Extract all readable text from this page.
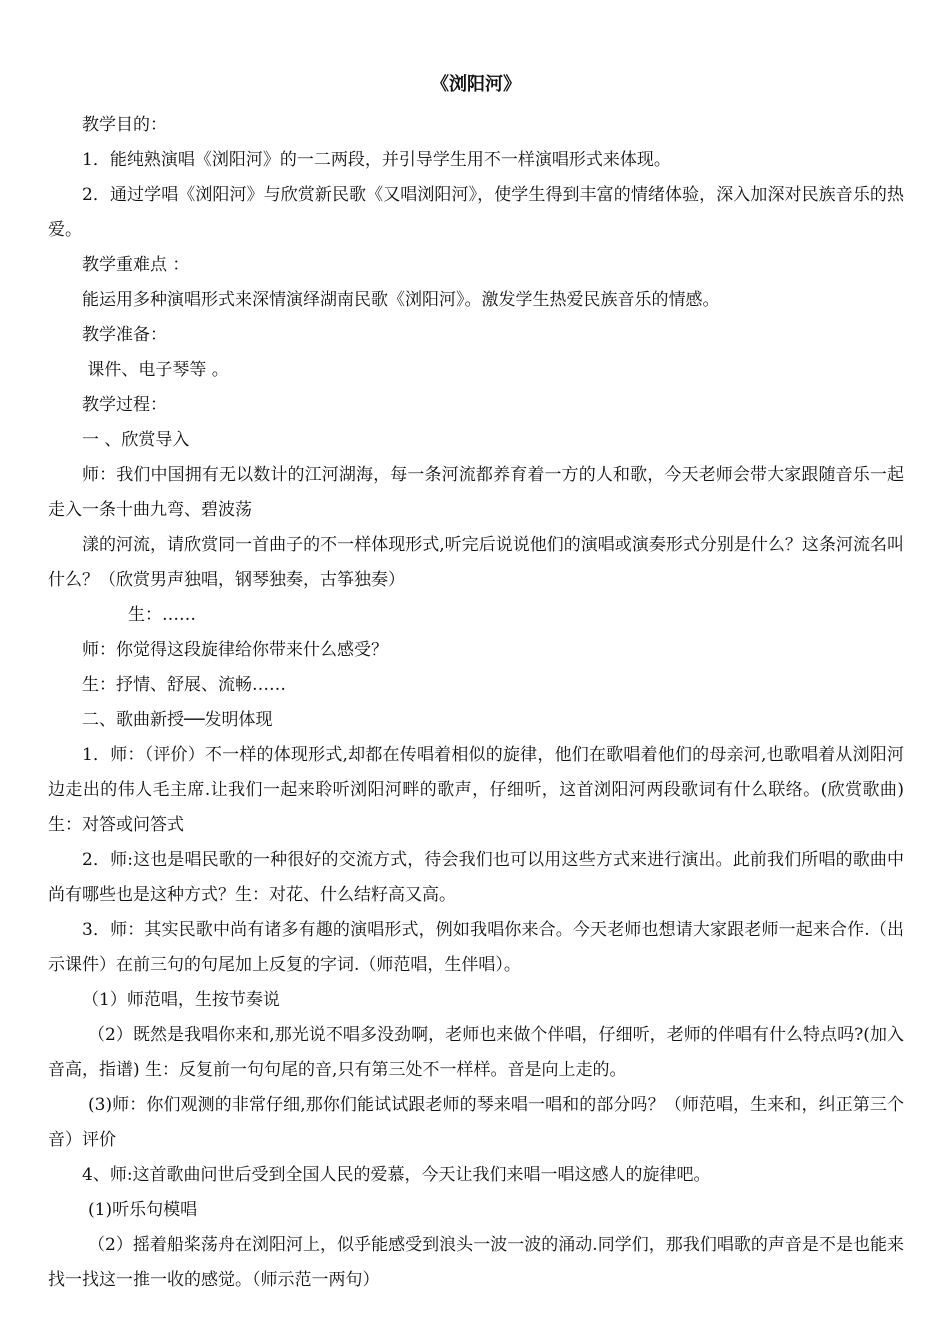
《浏阳河》

教学目的：

1．能纯熟演唱《浏阳河》的一二两段，并引导学生用不一样演唱形式来体现。

2．通过学唱《浏阳河》与欣赏新民歌《又唱浏阳河》，使学生得到丰富的情绪体验，深入加深对民族音乐的热爱。

教学重难点 ：

能运用多种演唱形式来深情演绎湖南民歌《浏阳河》。激发学生热爱民族音乐的情感。

教学准备：

课件、电子琴等 。

教学过程：

一 、欣赏导入

师：我们中国拥有无以数计的江河湖海，每一条河流都养育着一方的人和歌，今天老师会带大家跟随音乐一起走入一条十曲九弯、碧波荡

漾的河流，请欣赏同一首曲子的不一样体现形式,听完后说说他们的演唱或演奏形式分别是什么？这条河流名叫什么？（欣赏男声独唱，钢琴独奏，古筝独奏）

生：……

师：你觉得这段旋律给你带来什么感受？

生：抒情、舒展、流畅……

二、歌曲新授──发明体现

1．师：（评价）不一样的体现形式,却都在传唱着相似的旋律，他们在歌唱着他们的母亲河,也歌唱着从浏阳河边走出的伟人毛主席.让我们一起来聆听浏阳河畔的歌声，仔细听，这首浏阳河两段歌词有什么联络。(欣赏歌曲)生：对答或问答式

2．师:这也是唱民歌的一种很好的交流方式，待会我们也可以用这些方式来进行演出。此前我们所唱的歌曲中尚有哪些也是这种方式？生：对花、什么结籽高又高。

3．师：其实民歌中尚有诸多有趣的演唱形式，例如我唱你来合。今天老师也想请大家跟老师一起来合作.（出示课件）在前三句的句尾加上反复的字词.（师范唱，生伴唱）。

（1）师范唱，生按节奏说

（2）既然是我唱你来和,那光说不唱多没劲啊，老师也来做个伴唱，仔细听，老师的伴唱有什么特点吗?(加入音高，指谱) 生：反复前一句句尾的音,只有第三处不一样样。音是向上走的。

(3)师：你们观测的非常仔细,那你们能试试跟老师的琴来唱一唱和的部分吗？（师范唱，生来和，纠正第三个音）评价

4、师:这首歌曲问世后受到全国人民的爱慕，今天让我们来唱一唱这感人的旋律吧。

(1)听乐句模唱

（2）摇着船桨荡舟在浏阳河上，似乎能感受到浪头一波一波的涌动.同学们，那我们唱歌的声音是不是也能来找一找这一推一收的感觉。（师示范一两句）
